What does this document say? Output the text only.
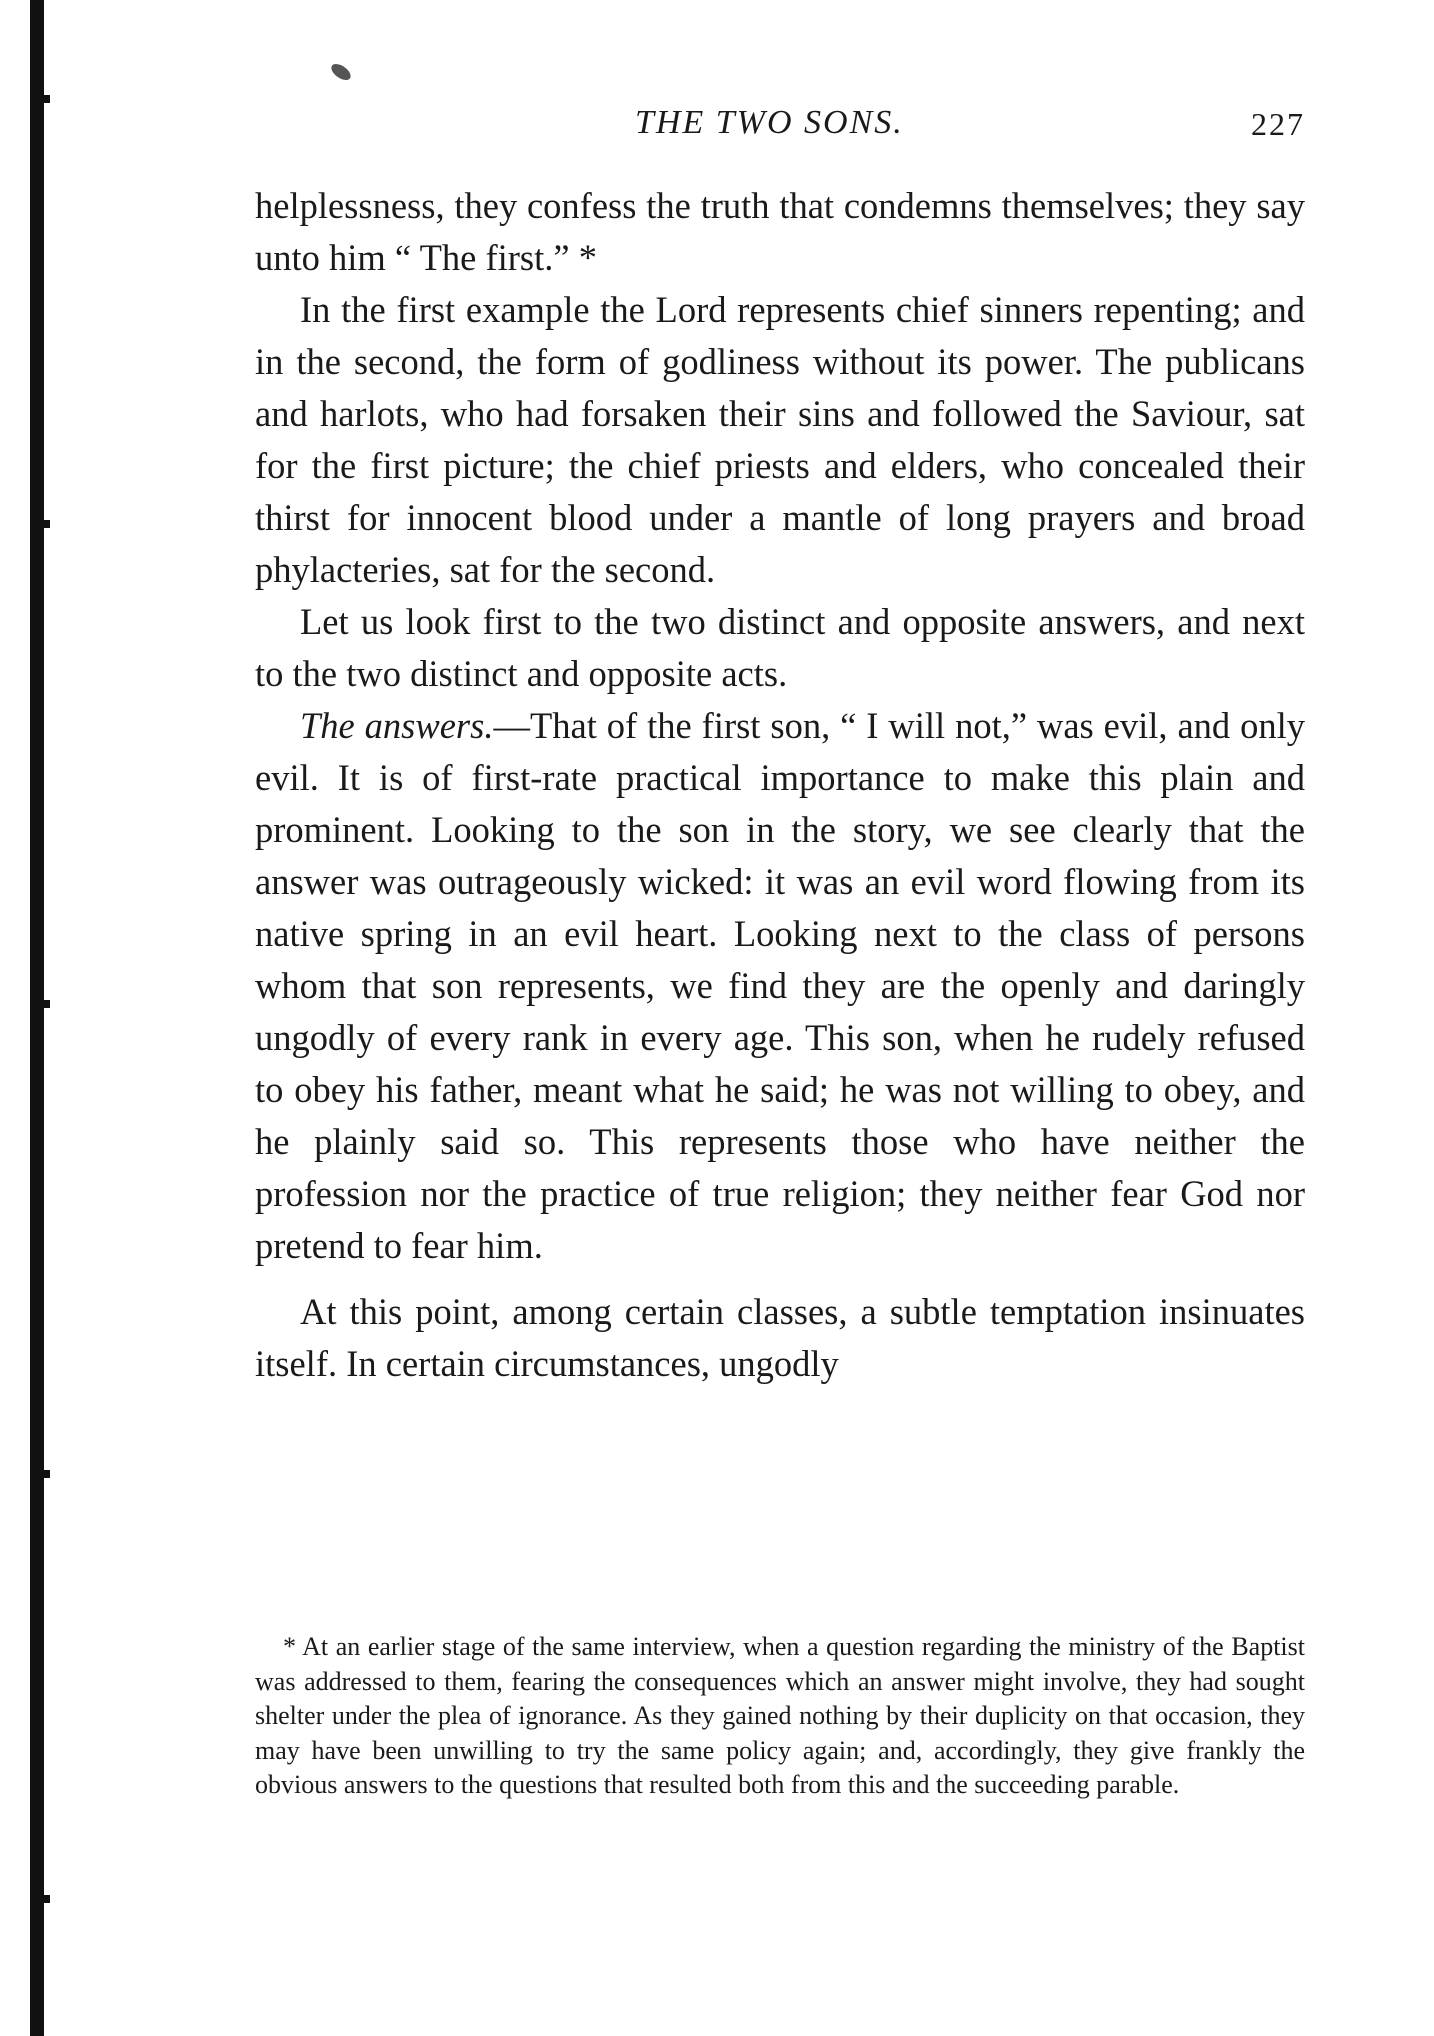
THE TWO SONS.	227

helplessness, they confess the truth that condemns themselves; they say unto him “ The first.” *

In the first example the Lord represents chief sinners repenting; and in the second, the form of godliness without its power. The publicans and harlots, who had forsaken their sins and followed the Saviour, sat for the first picture; the chief priests and elders, who concealed their thirst for innocent blood under a mantle of long prayers and broad phylacteries, sat for the second.

Let us look first to the two distinct and opposite answers, and next to the two distinct and opposite acts.

The answers.—That of the first son, “ I will not,” was evil, and only evil. It is of first-rate practical importance to make this plain and prominent. Looking to the son in the story, we see clearly that the answer was outrageously wicked: it was an evil word flowing from its native spring in an evil heart. Looking next to the class of persons whom that son represents, we find they are the openly and daringly ungodly of every rank in every age. This son, when he rudely refused to obey his father, meant what he said; he was not willing to obey, and he plainly said so. This represents those who have neither the profession nor the practice of true religion; they neither fear God nor pretend to fear him.

At this point, among certain classes, a subtle temptation insinuates itself. In certain circumstances, ungodly

* At an earlier stage of the same interview, when a question regarding the ministry of the Baptist was addressed to them, fearing the consequences which an answer might involve, they had sought shelter under the plea of ignorance. As they gained nothing by their duplicity on that occasion, they may have been unwilling to try the same policy again; and, accordingly, they give frankly the obvious answers to the questions that resulted both from this and the succeeding parable.
